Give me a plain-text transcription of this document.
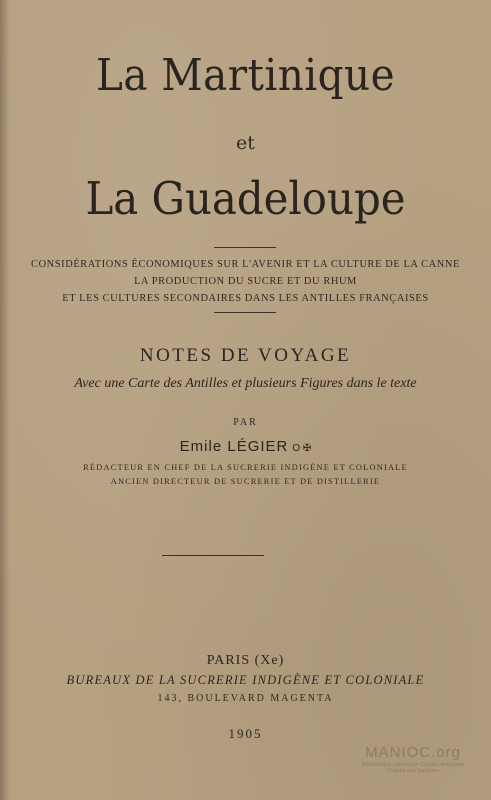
La Martinique
et
La Guadeloupe
CONSIDÉRATIONS ÉCONOMIQUES SUR L'AVENIR ET LA CULTURE DE LA CANNE
LA PRODUCTION DU SUCRE ET DU RHUM
ET LES CULTURES SECONDAIRES DANS LES ANTILLES FRANÇAISES
NOTES DE VOYAGE
Avec une Carte des Antilles et plusieurs Figures dans le texte
PAR
Emile LÉGIER O ✠
RÉDACTEUR EN CHEF DE LA SUCRERIE INDIGÈNE ET COLONIALE
ANCIEN DIRECTEUR DE SUCRERIE ET DE DISTILLERIE
PARIS (Xe)
BUREAUX DE LA SUCRERIE INDIGÈNE ET COLONIALE
143, BOULEVARD MAGENTA
1905
MANIOC.org
Bibliothèque numérique Caraïbe Amazonie Plateau des Guyanes
